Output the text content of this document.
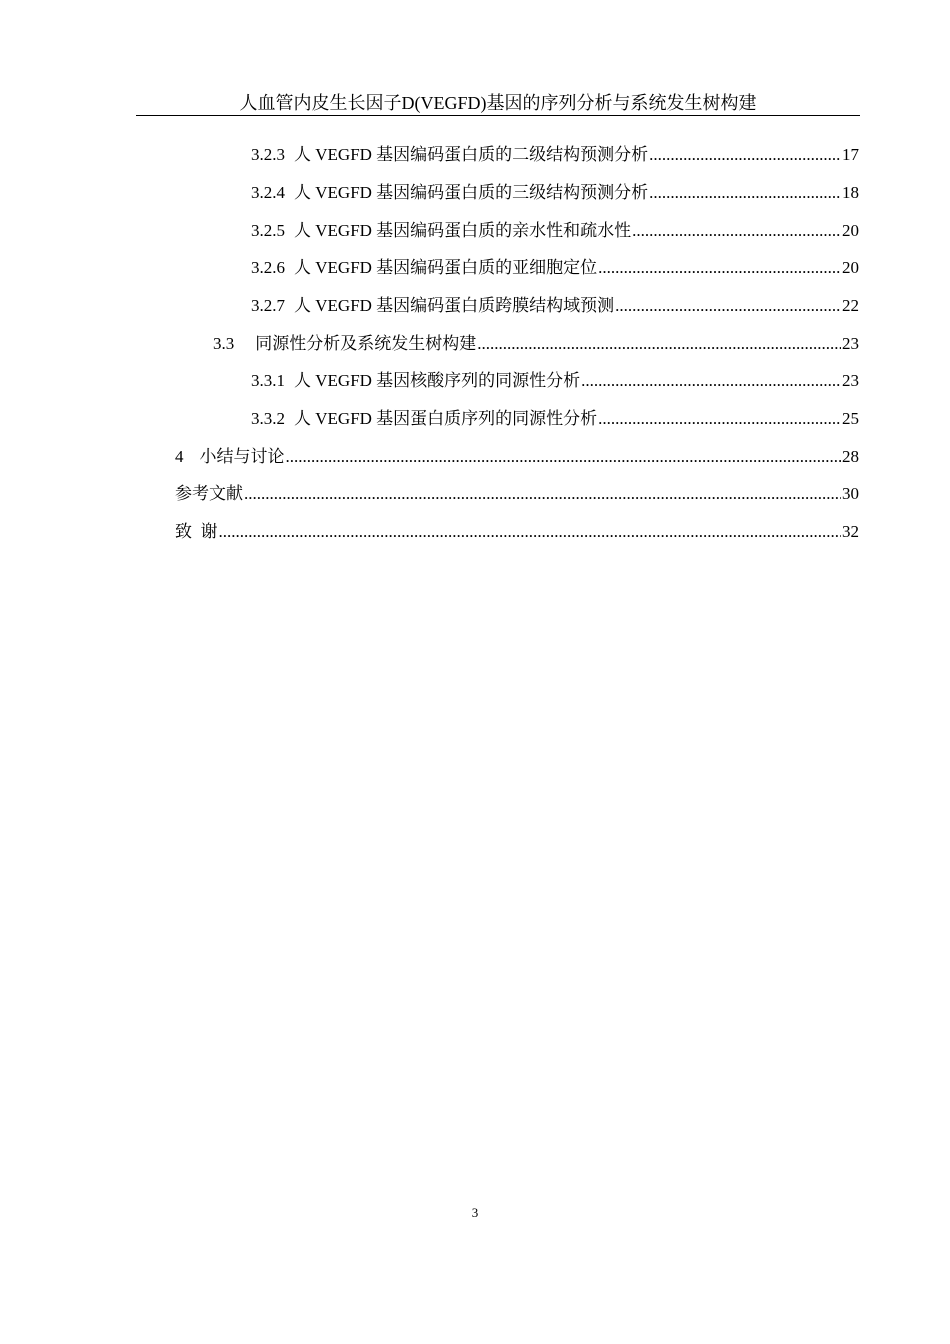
人血管内皮生长因子D(VEGFD)基因的序列分析与系统发生树构建
3.2.3 人 VEGFD 基因编码蛋白质的二级结构预测分析 .....	17
3.2.4 人 VEGFD 基因编码蛋白质的三级结构预测分析 .....	18
3.2.5 人 VEGFD 基因编码蛋白质的亲水性和疏水性 .....	20
3.2.6 人 VEGFD 基因编码蛋白质的亚细胞定位 .....	20
3.2.7 人 VEGFD 基因编码蛋白质跨膜结构域预测 .....	22
3.3 同源性分析及系统发生树构建 .....	23
3.3.1 人 VEGFD 基因核酸序列的同源性分析 .....	23
3.3.2 人 VEGFD 基因蛋白质序列的同源性分析 .....	25
4 小结与讨论 .....	28
参考文献 .....	30
致  谢 .....	32
3
